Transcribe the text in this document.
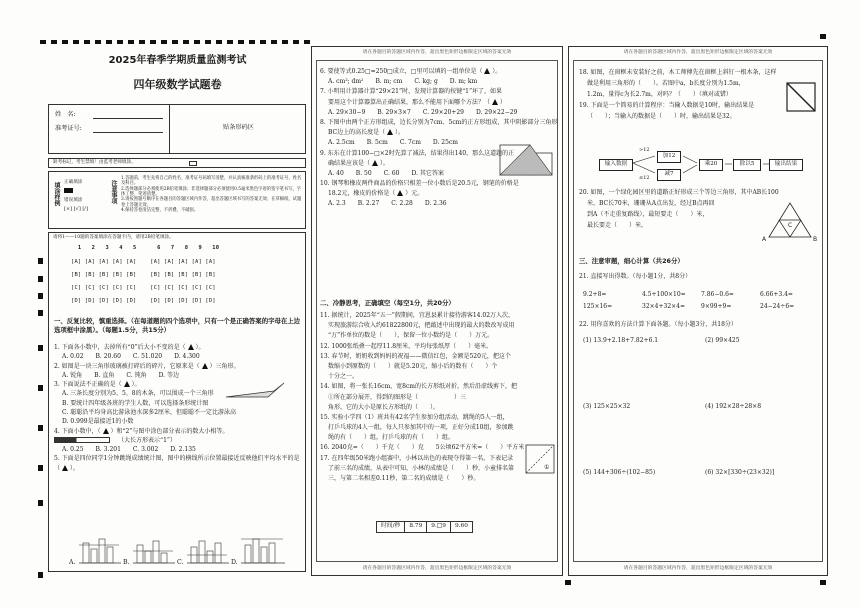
2025年春季学期质量监测考试
四年级数学试题卷
姓　名:
准考证号:	贴条形码区
缺考标记，考生禁填！由监考老师填涂。
填涂样例 正确填涂
错误填涂
[×] [√] [/]
注意事项
1.答题前，考生先将自己的姓名、准考证号码填写清楚，并认真核准条形码上的准考证号、姓名及科目。
2.选择题部分必须使用2B铅笔填涂；非选择题部分必须使用0.5毫米黑色字迹的签字笔书写，字体工整、笔迹清楚。
3.请按照题号顺序在各题目的答题区域内作答，超出答题区域书写的答案无效；在草稿纸、试题卷上答题无效。
4.保持答卷清洁完整，不折叠、不破损。
请将1——10题的答案填涂在答题卡内，请用2B铅笔填涂。
1   2   3   4   5      6   7   8   9   10
[A] [A] [A] [A] [A]    [A] [A] [A] [A] [A]
[B] [B] [B] [B] [B]    [B] [B] [B] [B] [B]
[C] [C] [C] [C] [C]    [C] [C] [C] [C] [C]
[D] [D] [D] [D] [D]    [D] [D] [D] [D] [D]
一、反复比较，慎重选择。（在每道题的四个选项中，只有一个是正确答案的字母在上边选项框中涂黑）。（每题1.5分，共15分）
1. 下面各小数中，去掉所有“0”后大小不变的是（  ）。
A. 0.02　　B. 20.60　　C. 51.020　　D. 4.300
2. 如图是一块三角形玻璃被打碎后的碎片，它原来是（  ）三角形。
A. 锐角　　B. 直角　　C. 钝角　　D. 等边
3. 下面说法不正确的是（  ）。
A. 三条长度分别为5、5、8的木条，可以围成一个三角形
B. 要统计四年级各班的学生人数，可以选择条形统计图
C. 聪聪沿平均身高比游泳池水深多2厘米，但聪聪不一定比游泳高
D. 0.999是最接近1的小数
4. 下面小数中，（  ）和“2”与图中涂色部分表示的数大小相等。
（大长方形表示“1”）
A. 0.25　　B. 3.201　　C. 3.002　　D. 2.135
5. 下面是四位同学1分钟跳绳成绩统计图，图中的横线所示位置最接近反映他们平均水平的是（  ）。
A.	B.	C.	D.
请在各题目的答题区域内作答，超出黑色矩形边框限定区域的答案无效
6. 要使等式0.25□=250□成立，□里可以填的一组单位是（  ）。
A. cm²; dm²　　B. m; cm　　C. kg; g　　D. m; km
7. 小明用计算器计算“29×21”时，发现计算器的按键“1”坏了，如果
要用这个计算器算出正确结果，那么不能用下面哪个方法？（  ）
A. 29×30−9　　B. 29×3×7　　C. 29×20+29　　D. 29×22−29
8. 下图中由两个正方形组成，边长分别为7cm、5cm的正方形组成，其中阴影部分三角形
BC边上的高长度是（  ）。
A. 2.5cm　　B. 5cm　　C. 7cm　　D. 25cm
9. 东东在计算100−□×2时先算了减法，结果得出140，那么这道题的正
确结果应该是（  ）。
A. 40　　B. 50　　C. 60　　D. 其它答案
10. 钢琴和橡皮两件商品的价格只相差一位小数后是20.5元，钢笔的价格是
18.2元，橡皮的价格是（  ）元。
A. 2.3　　B. 2.27　　C. 2.28　　D. 2.36
二、冷静思考，正确填空（每空1分，共20分）
11. 据统计，2025年“五一”假期间，宜恩县累计接待游客14.02万人次，
实现旅游综合收入约61822800元，把敲述中出现的最大的数改写成用
“万”作单位的数是（　　），保留一位小数约是（　　）万元。
12. 1000张纸叠一起厚11.8厘米，平均每张纸厚（　　）毫米。
13. 春节时，奶奶收到妈妈的祝福——微信红包，金额是520元，把这个
数缩小到原数的（　　）就是5.20元，缩小后的数有（　　）个
十分之一。
14. 如图，将一张长16cm，宽8cm的长方形纸对折，然后沿虚线剪下，把
①所在部分展开，得到的图形是（　　　　　　）三
角形，它的大小是原长方形纸的（　　）。
15. 实验小学四（1）班共有42名学生参加分组活动，跳绳的5人一组，
打乒乓球的4人一组，每人只参加其中的一项，正好分成10组，参加跳
绳的有（　　）组，打乒乓球的有（　　）组。
16. 2040克=（　　）千克（　　）克　　5公顷62平方米=（　　）平方米
17. 在四年级50米跑小组赛中，小林以出色的表现夺得第一名，下表记录
了前三名的成绩，从表中可知，小林的成绩是（　　）秒，小童排名第
三，与第二名相差0.11秒，第二名的成绩是（　　）秒。
①
时间/秒	8.79	9.□9	9.60
请在各题目的答题区域内作答，超出黑色矩形边框限定区域的答案无效
请在各题目的答题区域内作答，超出黑色矩形边框限定区域的答案无效
18. 如图，在窗框未安装好之前，木工师傅先在窗框上斜钉一根木条，这样
做是利用三角形的（　　）。若图中a，b长度分别为1.5m，
1.2m，量得c为长2.7m，对吗？（　　）（填对或错）
19. 下面是一个简易的计算程序：当输入数据是10时，输出结果是
（　　）；当输入的数据是（　　）时，输出结果是32。
输入数据
加12
减7
乘20	除以5	输出结果
>12
≤12
20. 如图，一个绿化园区里的道路正好形成三个等边三角形，其中AB长100
米，BC长70米，珊珊从A点出发，经过B点再回
到A（不走重复路线），最短要走（　　）米，
最长要走（　　）米。
A	B
C
三、注意审题，细心计算（共26分）
21. 直接写出得数。（每小题1分，共8分）
9.2+8=	4.5+100×10=	7.86−0.6=	6.66+3.4=
125×16=	32×4+32×4=	9×99+9=	24−24÷6=
22. 用你喜欢的方法计算下面各题。（每小题3分，共18分）
(1) 13.9+2.18+7.82+6.1	(2) 99×425
(3) 125×25×32	(4) 192×28÷28×8
(5) 144+306÷(102−85)	(6) 32×[330÷(23×32)]
请在各题目的答题区域内作答，超出黑色矩形边框限定区域的答案无效
